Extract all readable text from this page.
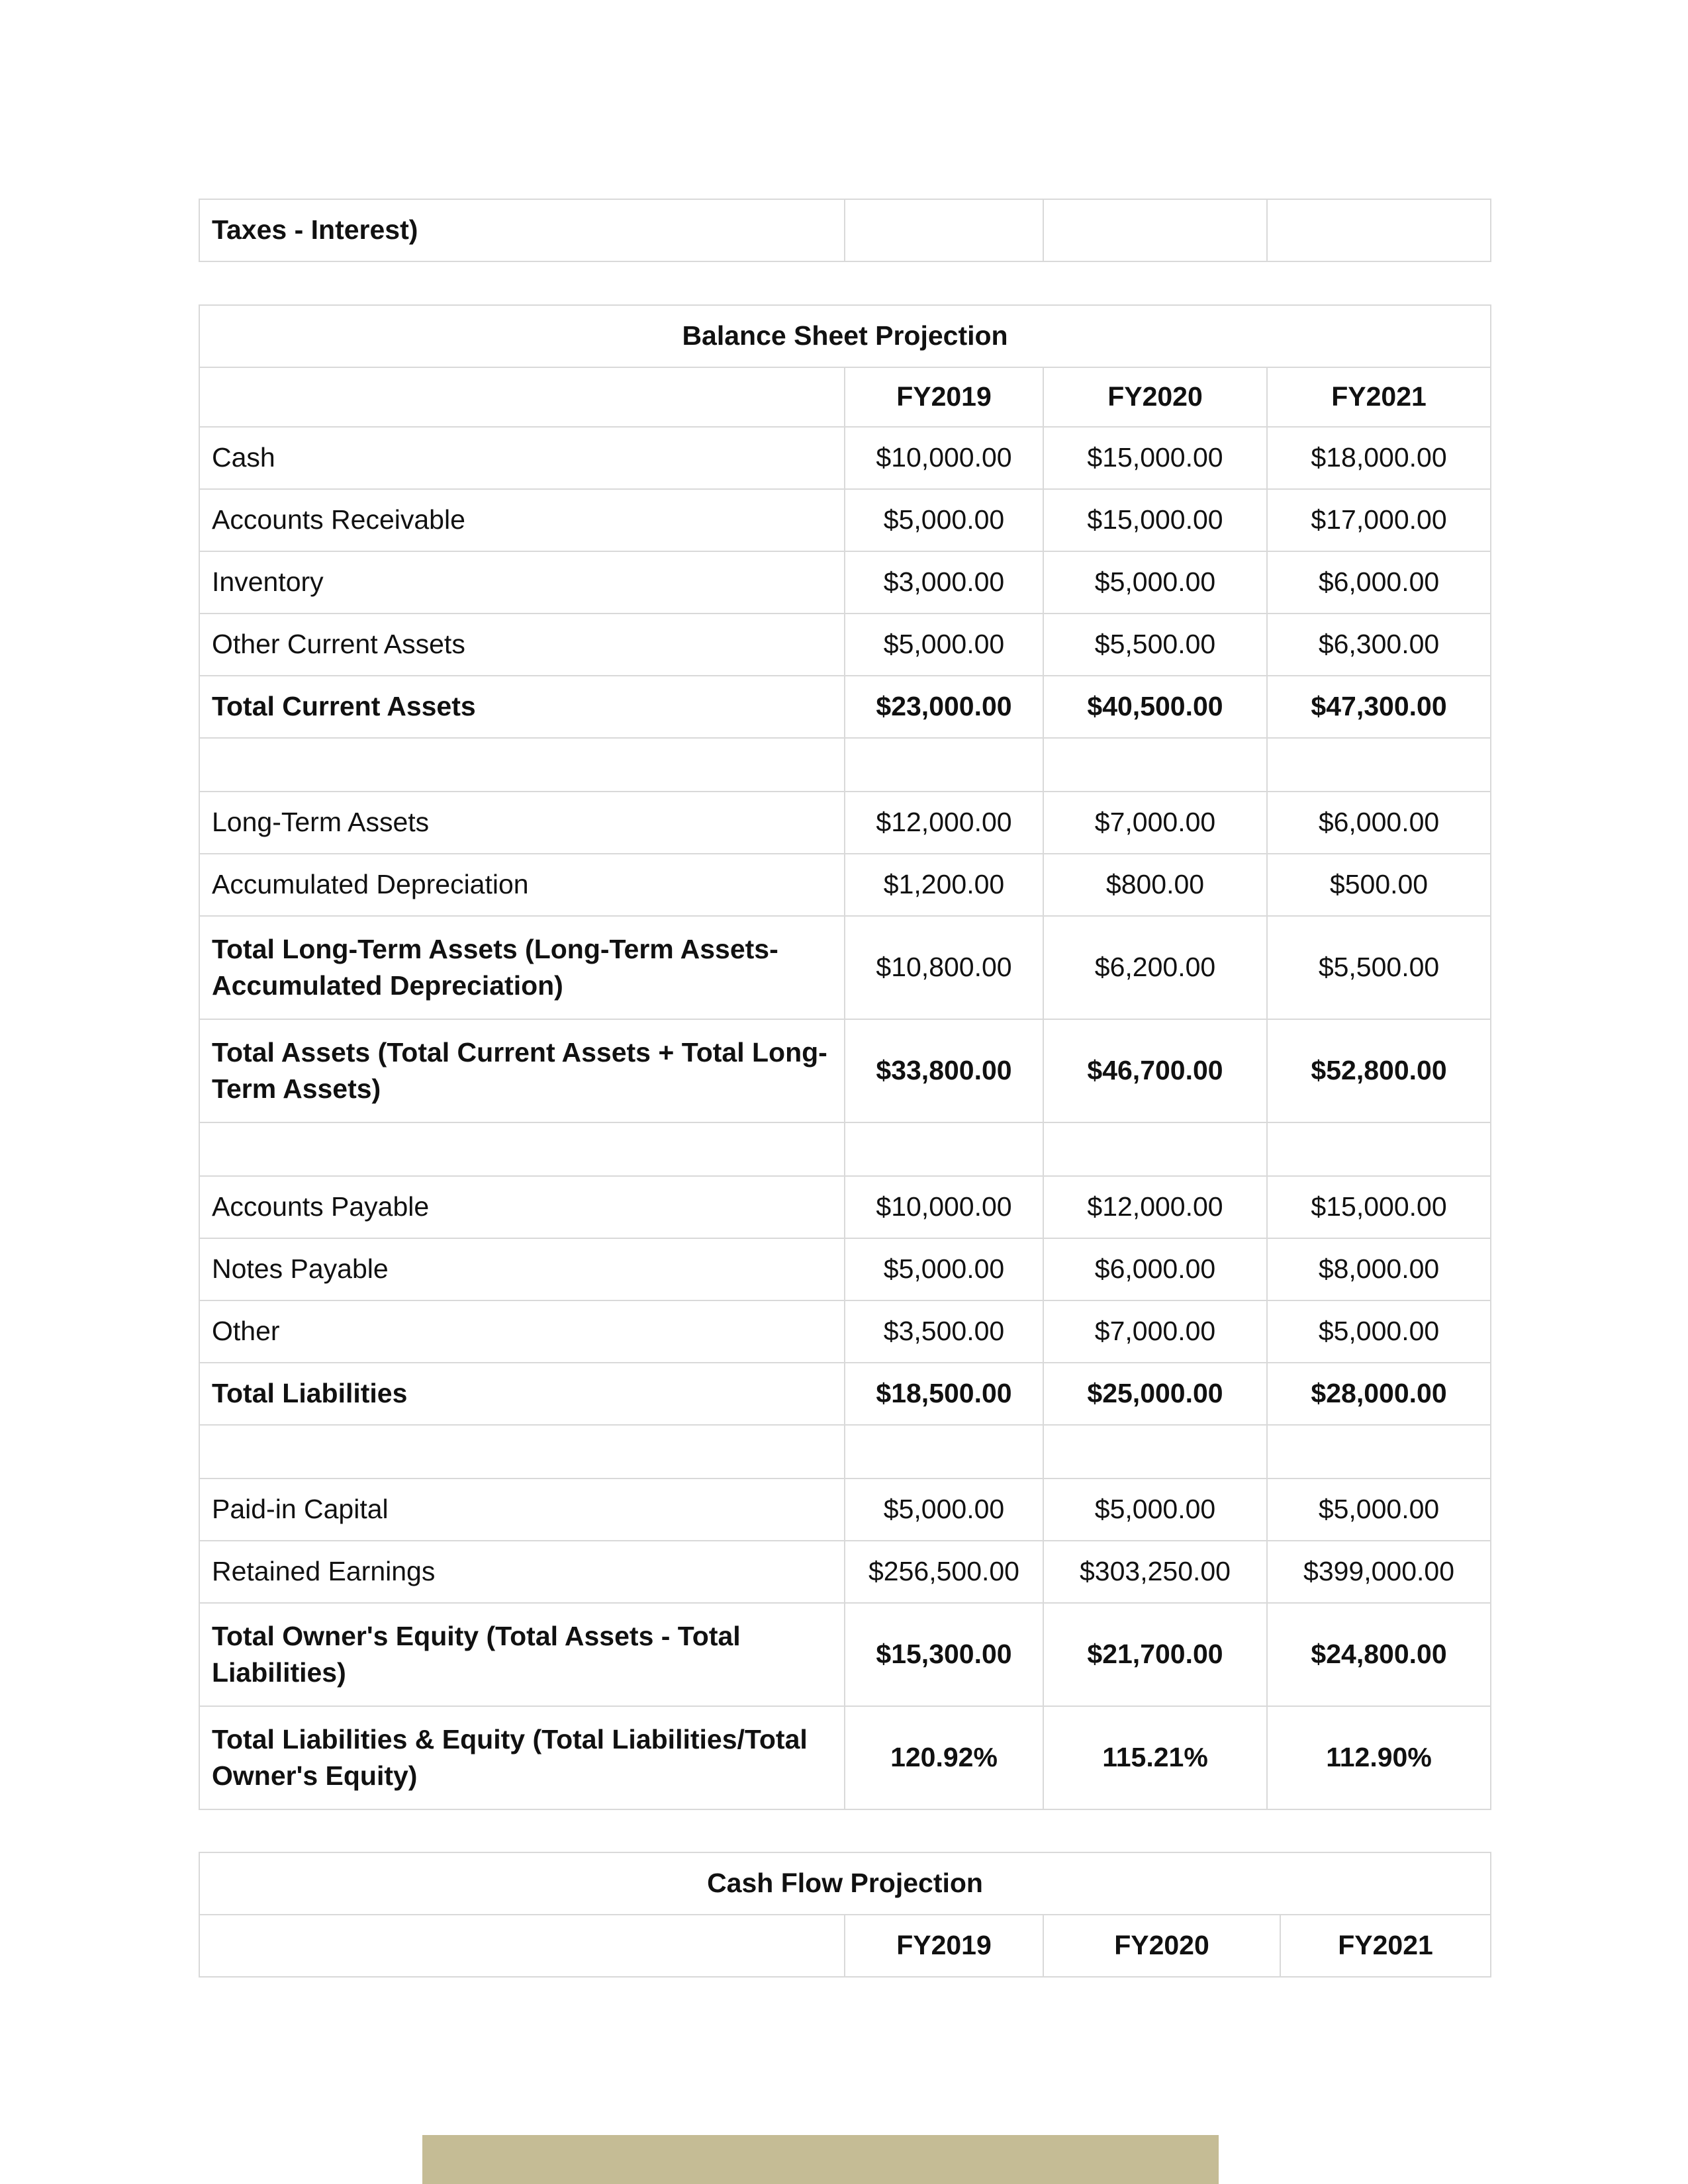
Taxes - Interest)			
Balance Sheet Projection			
	FY2019	FY2020	FY2021
Cash	$10,000.00	$15,000.00	$18,000.00
Accounts Receivable	$5,000.00	$15,000.00	$17,000.00
Inventory	$3,000.00	$5,000.00	$6,000.00
Other Current Assets	$5,000.00	$5,500.00	$6,300.00
Total Current Assets	$23,000.00	$40,500.00	$47,300.00

Long-Term Assets	$12,000.00	$7,000.00	$6,000.00
Accumulated Depreciation	$1,200.00	$800.00	$500.00
Total Long-Term Assets (Long-Term Assets- Accumulated Depreciation)	$10,800.00	$6,200.00	$5,500.00
Total Assets (Total Current Assets + Total Long-Term Assets)	$33,800.00	$46,700.00	$52,800.00

Accounts Payable	$10,000.00	$12,000.00	$15,000.00
Notes Payable	$5,000.00	$6,000.00	$8,000.00
Other	$3,500.00	$7,000.00	$5,000.00
Total Liabilities	$18,500.00	$25,000.00	$28,000.00

Paid-in Capital	$5,000.00	$5,000.00	$5,000.00
Retained Earnings	$256,500.00	$303,250.00	$399,000.00
Total Owner's Equity (Total Assets - Total Liabilities)	$15,300.00	$21,700.00	$24,800.00
Total Liabilities & Equity (Total Liabilities/Total Owner's Equity)	120.92%	115.21%	112.90%
Cash Flow Projection
	FY2019	FY2020	FY2021
